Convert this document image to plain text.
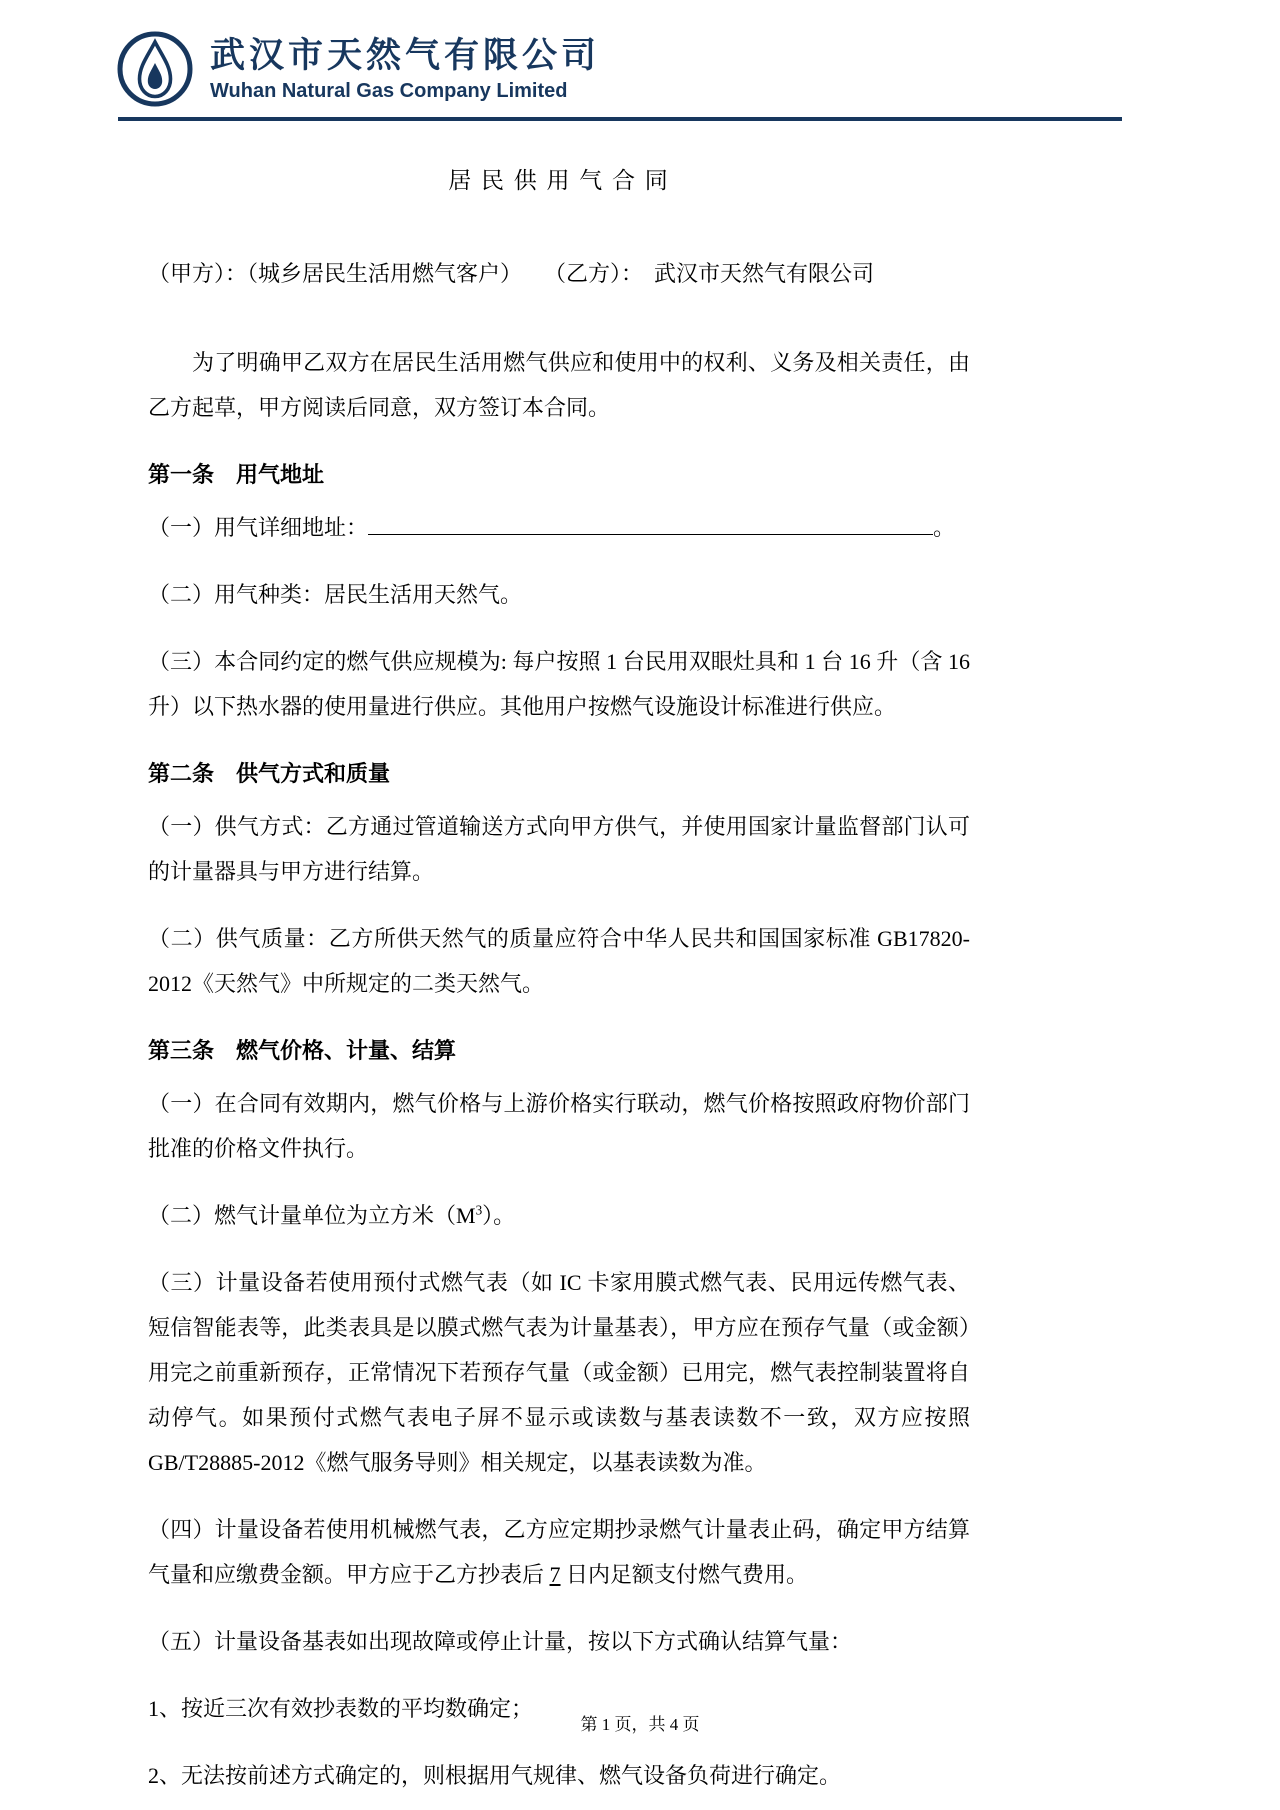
武汉市天然气有限公司
Wuhan Natural Gas Company Limited
居 民 供 用 气 合 同
（甲方）：（城乡居民生活用燃气客户）　　（乙方）：　武汉市天然气有限公司

为了明确甲乙双方在居民生活用燃气供应和使用中的权利、义务及相关责任，由乙方起草，甲方阅读后同意，双方签订本合同。

第一条　用气地址

（一）用气详细地址：	。

（二）用气种类：居民生活用天然气。

（三）本合同约定的燃气供应规模为: 每户按照 1 台民用双眼灶具和 1 台 16 升（含 16 升）以下热水器的使用量进行供应。其他用户按燃气设施设计标准进行供应。

第二条　供气方式和质量

（一）供气方式：乙方通过管道输送方式向甲方供气，并使用国家计量监督部门认可的计量器具与甲方进行结算。

（二）供气质量：乙方所供天然气的质量应符合中华人民共和国国家标准 GB17820-2012《天然气》中所规定的二类天然气。

第三条　燃气价格、计量、结算

（一）在合同有效期内，燃气价格与上游价格实行联动，燃气价格按照政府物价部门批准的价格文件执行。

（二）燃气计量单位为立方米$(M^3)$。

（三）计量设备若使用预付式燃气表（如 IC 卡家用膜式燃气表、民用远传燃气表、短信智能表等，此类表具是以膜式燃气表为计量基表），甲方应在预存气量（或金额）用完之前重新预存，正常情况下若预存气量（或金额）已用完，燃气表控制装置将自动停气。如果预付式燃气表电子屏不显示或读数与基表读数不一致，双方应按照 GB/T28885-2012《燃气服务导则》相关规定，以基表读数为准。

（四）计量设备若使用机械燃气表，乙方应定期抄录燃气计量表止码，确定甲方结算气量和应缴费金额。甲方应于乙方抄表后 7 日内足额支付燃气费用。

（五）计量设备基表如出现故障或停止计量，按以下方式确认结算气量：

1、按近三次有效抄表数的平均数确定；

2、无法按前述方式确定的，则根据用气规律、燃气设备负荷进行确定。

第 1 页，共 4 页
